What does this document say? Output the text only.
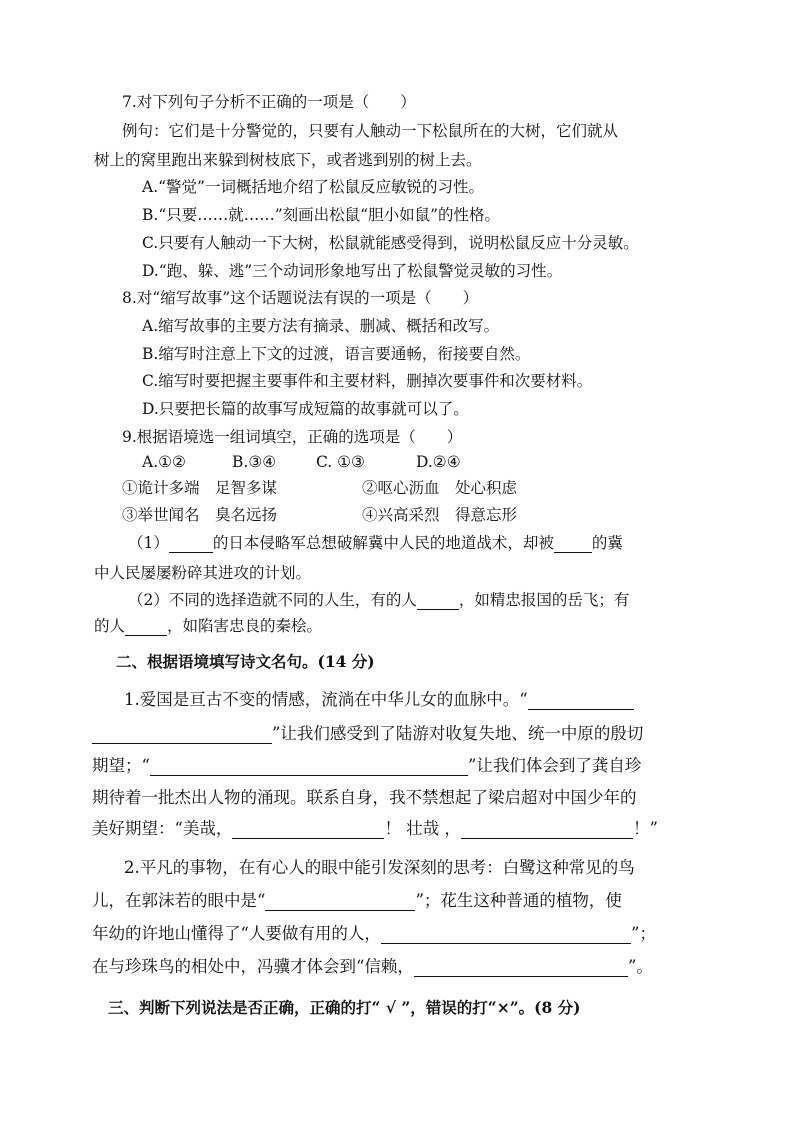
7.对下列句子分析不正确的一项是（　　）
例句：它们是十分警觉的，只要有人触动一下松鼠所在的大树，它们就从
树上的窝里跑出来躲到树枝底下，或者逃到别的树上去。
A.“警觉”一词概括地介绍了松鼠反应敏锐的习性。
B.“只要……就……”刻画出松鼠“胆小如鼠”的性格。
C.只要有人触动一下大树，松鼠就能感受得到，说明松鼠反应十分灵敏。
D.“跑、躲、逃”三个动词形象地写出了松鼠警觉灵敏的习性。
8.对“缩写故事”这个话题说法有误的一项是（　　）
A.缩写故事的主要方法有摘录、删减、概括和改写。
B.缩写时注意上下文的过渡，语言要通畅，衔接要自然。
C.缩写时要把握主要事件和主要材料，删掉次要事件和次要材料。
D.只要把长篇的故事写成短篇的故事就可以了。
9.根据语境选一组词填空，正确的选项是（　　）
A.①②	B.③④	C. ①③	D.②④
①诡计多端　足智多谋	②呕心沥血　处心积虑
③举世闻名　臭名远扬	④兴高采烈　得意忘形
（1）	的日本侵略军总想破解冀中人民的地道战术，却被 的冀
中人民屡屡粉碎其进攻的计划。
（2）不同的选择造就不同的人生，有的人	，如精忠报国的岳飞；有
的人	，如陷害忠良的秦桧。
二、根据语境填写诗文名句。(14 分)
1.爱国是亘古不变的情感，流淌在中华儿女的血脉中。“
”让我们感受到了陆游对收复失地、统一中原的殷切
期望；“	”让我们体会到了龚自珍
期待着一批杰出人物的涌现。联系自身，我不禁想起了梁启超对中国少年的
美好期望：“美哉，	！ 壮哉 ，	！”
2.平凡的事物，在有心人的眼中能引发深刻的思考：白鹭这种常见的鸟
儿，在郭沫若的眼中是“	”；花生这种普通的植物，使
年幼的许地山懂得了“人要做有用的人，	”；
在与珍珠鸟的相处中，冯骥才体会到“信赖，	”。
三、判断下列说法是否正确，正确的打“ √ ”，错误的打“×”。(8 分)
